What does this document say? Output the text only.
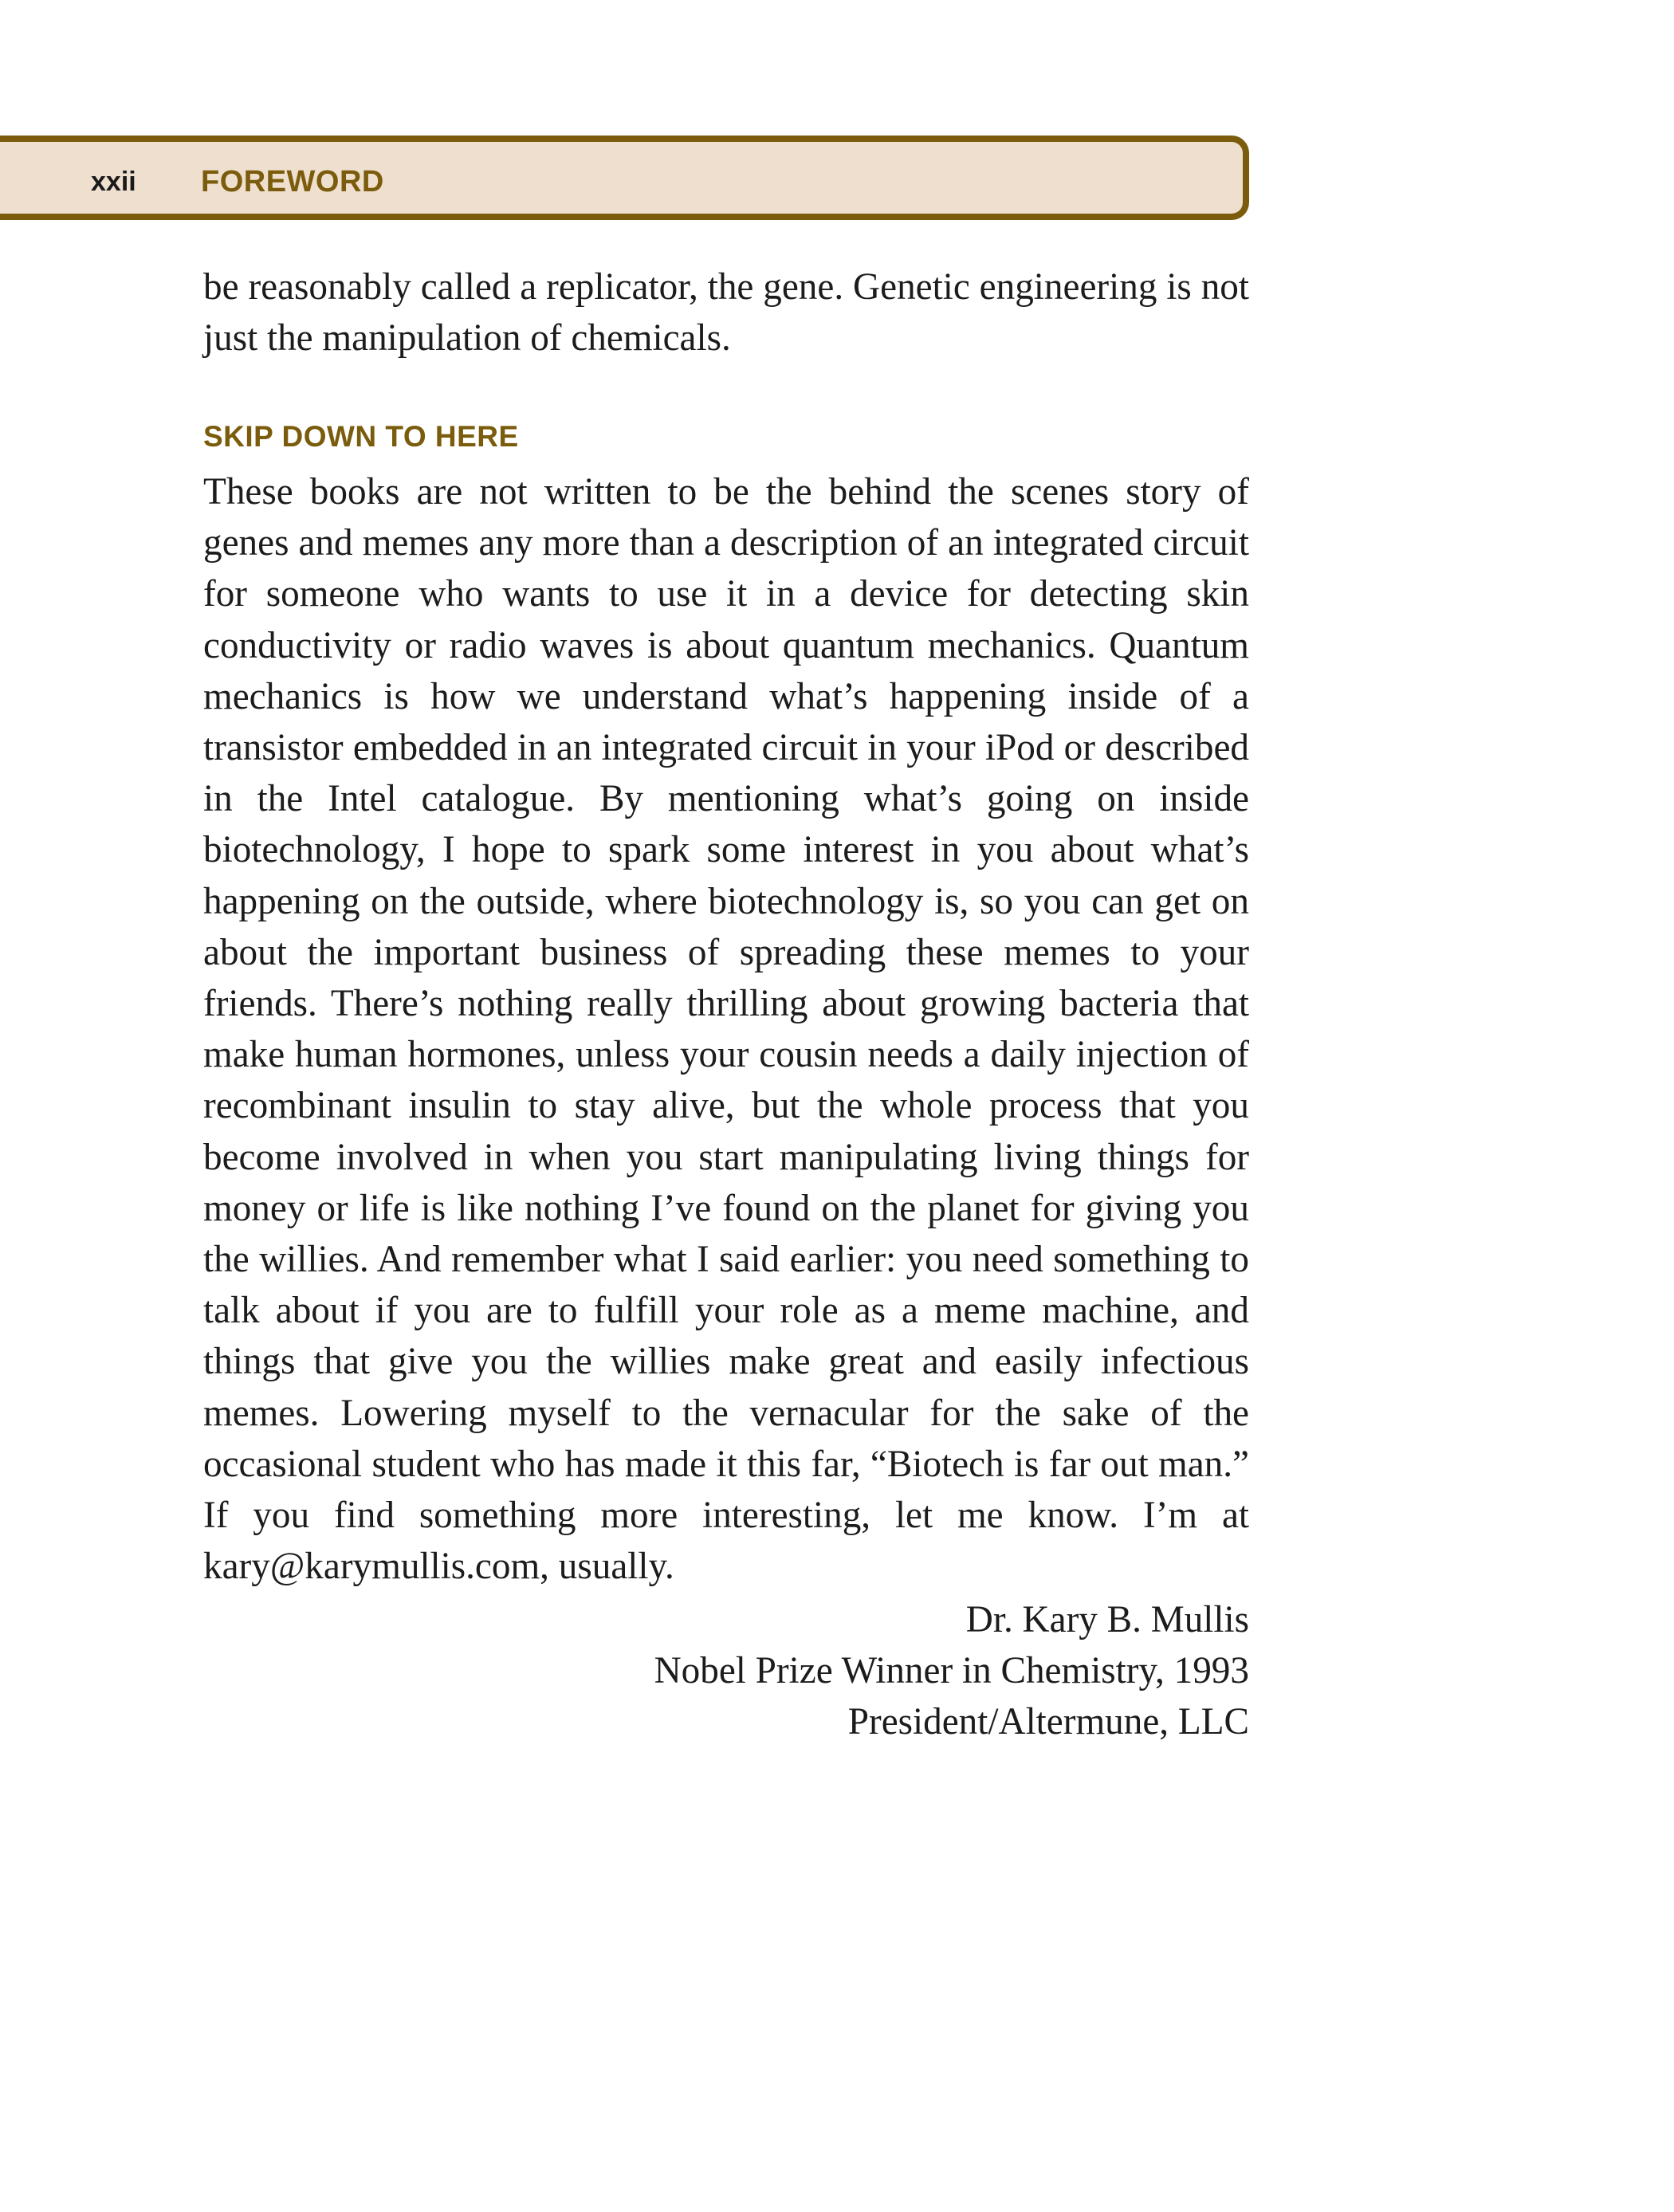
xxii FOREWORD

be reasonably called a replicator, the gene. Genetic engineering is not just the manipulation of chemicals.

SKIP DOWN TO HERE

These books are not written to be the behind the scenes story of genes and memes any more than a description of an integrated circuit for someone who wants to use it in a device for detecting skin conductivity or radio waves is about quantum mechanics. Quantum mechanics is how we understand what’s happening inside of a transistor embedded in an integrated circuit in your iPod or described in the Intel catalogue. By mentioning what’s going on inside biotechnology, I hope to spark some interest in you about what’s happening on the outside, where biotechnology is, so you can get on about the important business of spreading these memes to your friends. There’s nothing really thrilling about growing bacteria that make human hormones, unless your cousin needs a daily injection of recombinant insulin to stay alive, but the whole process that you become involved in when you start manipulating living things for money or life is like nothing I’ve found on the planet for giving you the willies. And remember what I said earlier: you need something to talk about if you are to fulfill your role as a meme machine, and things that give you the willies make great and easily infectious memes. Lowering myself to the vernacular for the sake of the occasional student who has made it this far, “Biotech is far out man.” If you find something more interesting, let me know. I’m at kary@karymullis.com, usually.

Dr. Kary B. Mullis
Nobel Prize Winner in Chemistry, 1993
President/Altermune, LLC
